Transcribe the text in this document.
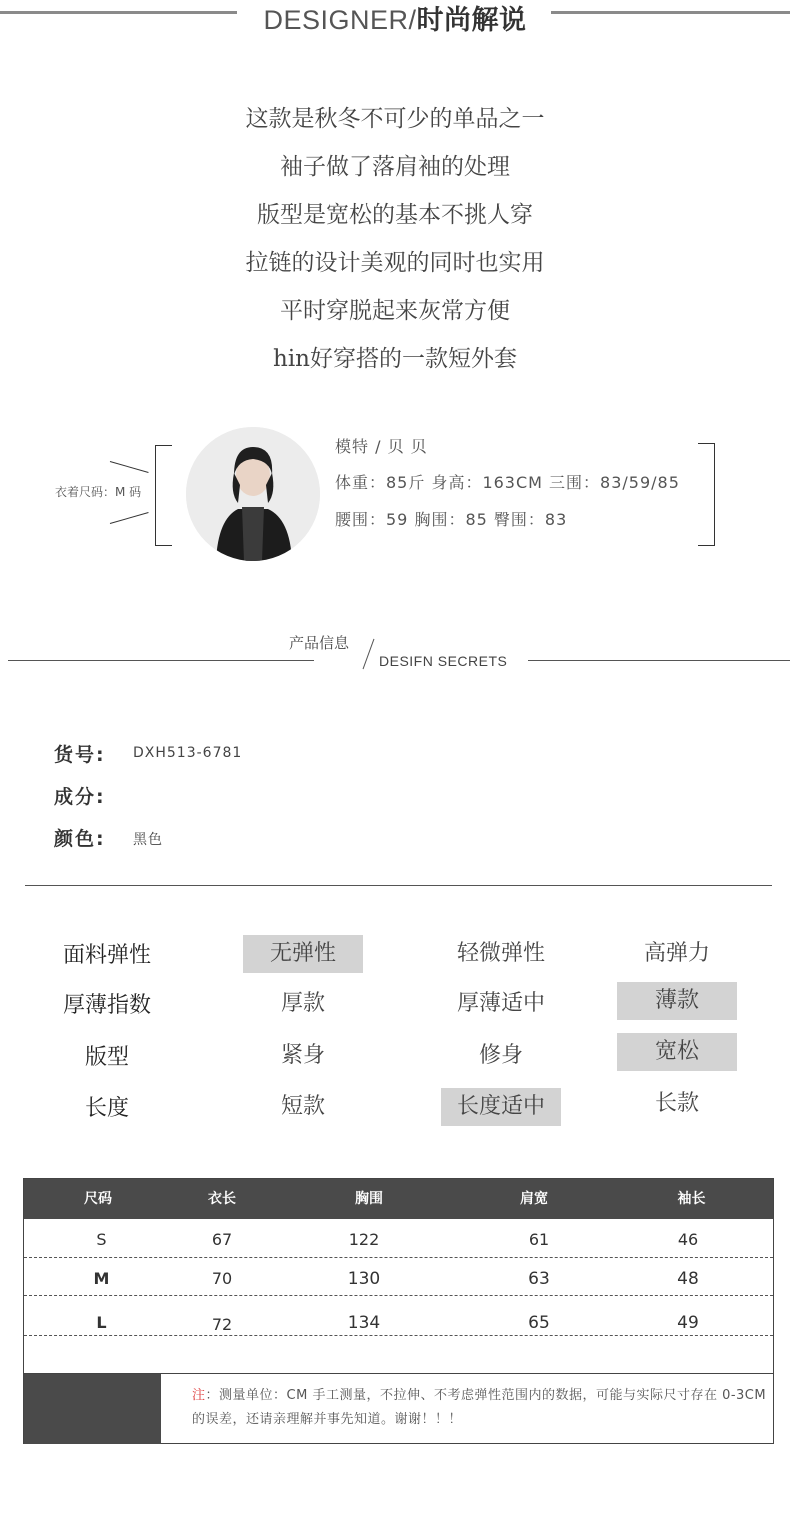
DESIGNER/时尚解说
这款是秋冬不可少的单品之一
袖子做了落肩袖的处理
版型是宽松的基本不挑人穿
拉链的设计美观的同时也实用
平时穿脱起来灰常方便
hin好穿搭的一款短外套
衣着尺码：M 码
模特 / 贝 贝
体重：85斤 身高：163CM 三围：83/59/85
腰围：59 胸围：85 臀围：83
产品信息
DESIFN SECRETS
货号: DXH513-6781
成分:
颜色: 黑色
面料弹性	无弹性	轻微弹性	高弹力
厚薄指数	厚款	厚薄适中	薄款
版型	紧身	修身	宽松
长度	短款	长度适中	长款
尺码	衣长	胸围	肩宽	袖长
S	67	122	61	46
M	70	130	63	48
L	72	134	65	49
注：测量单位：CM 手工测量，不拉伸、不考虑弹性范围内的数据，可能与实际尺寸存在 0-3CM 的误差，还请亲理解并事先知道。谢谢！！！
